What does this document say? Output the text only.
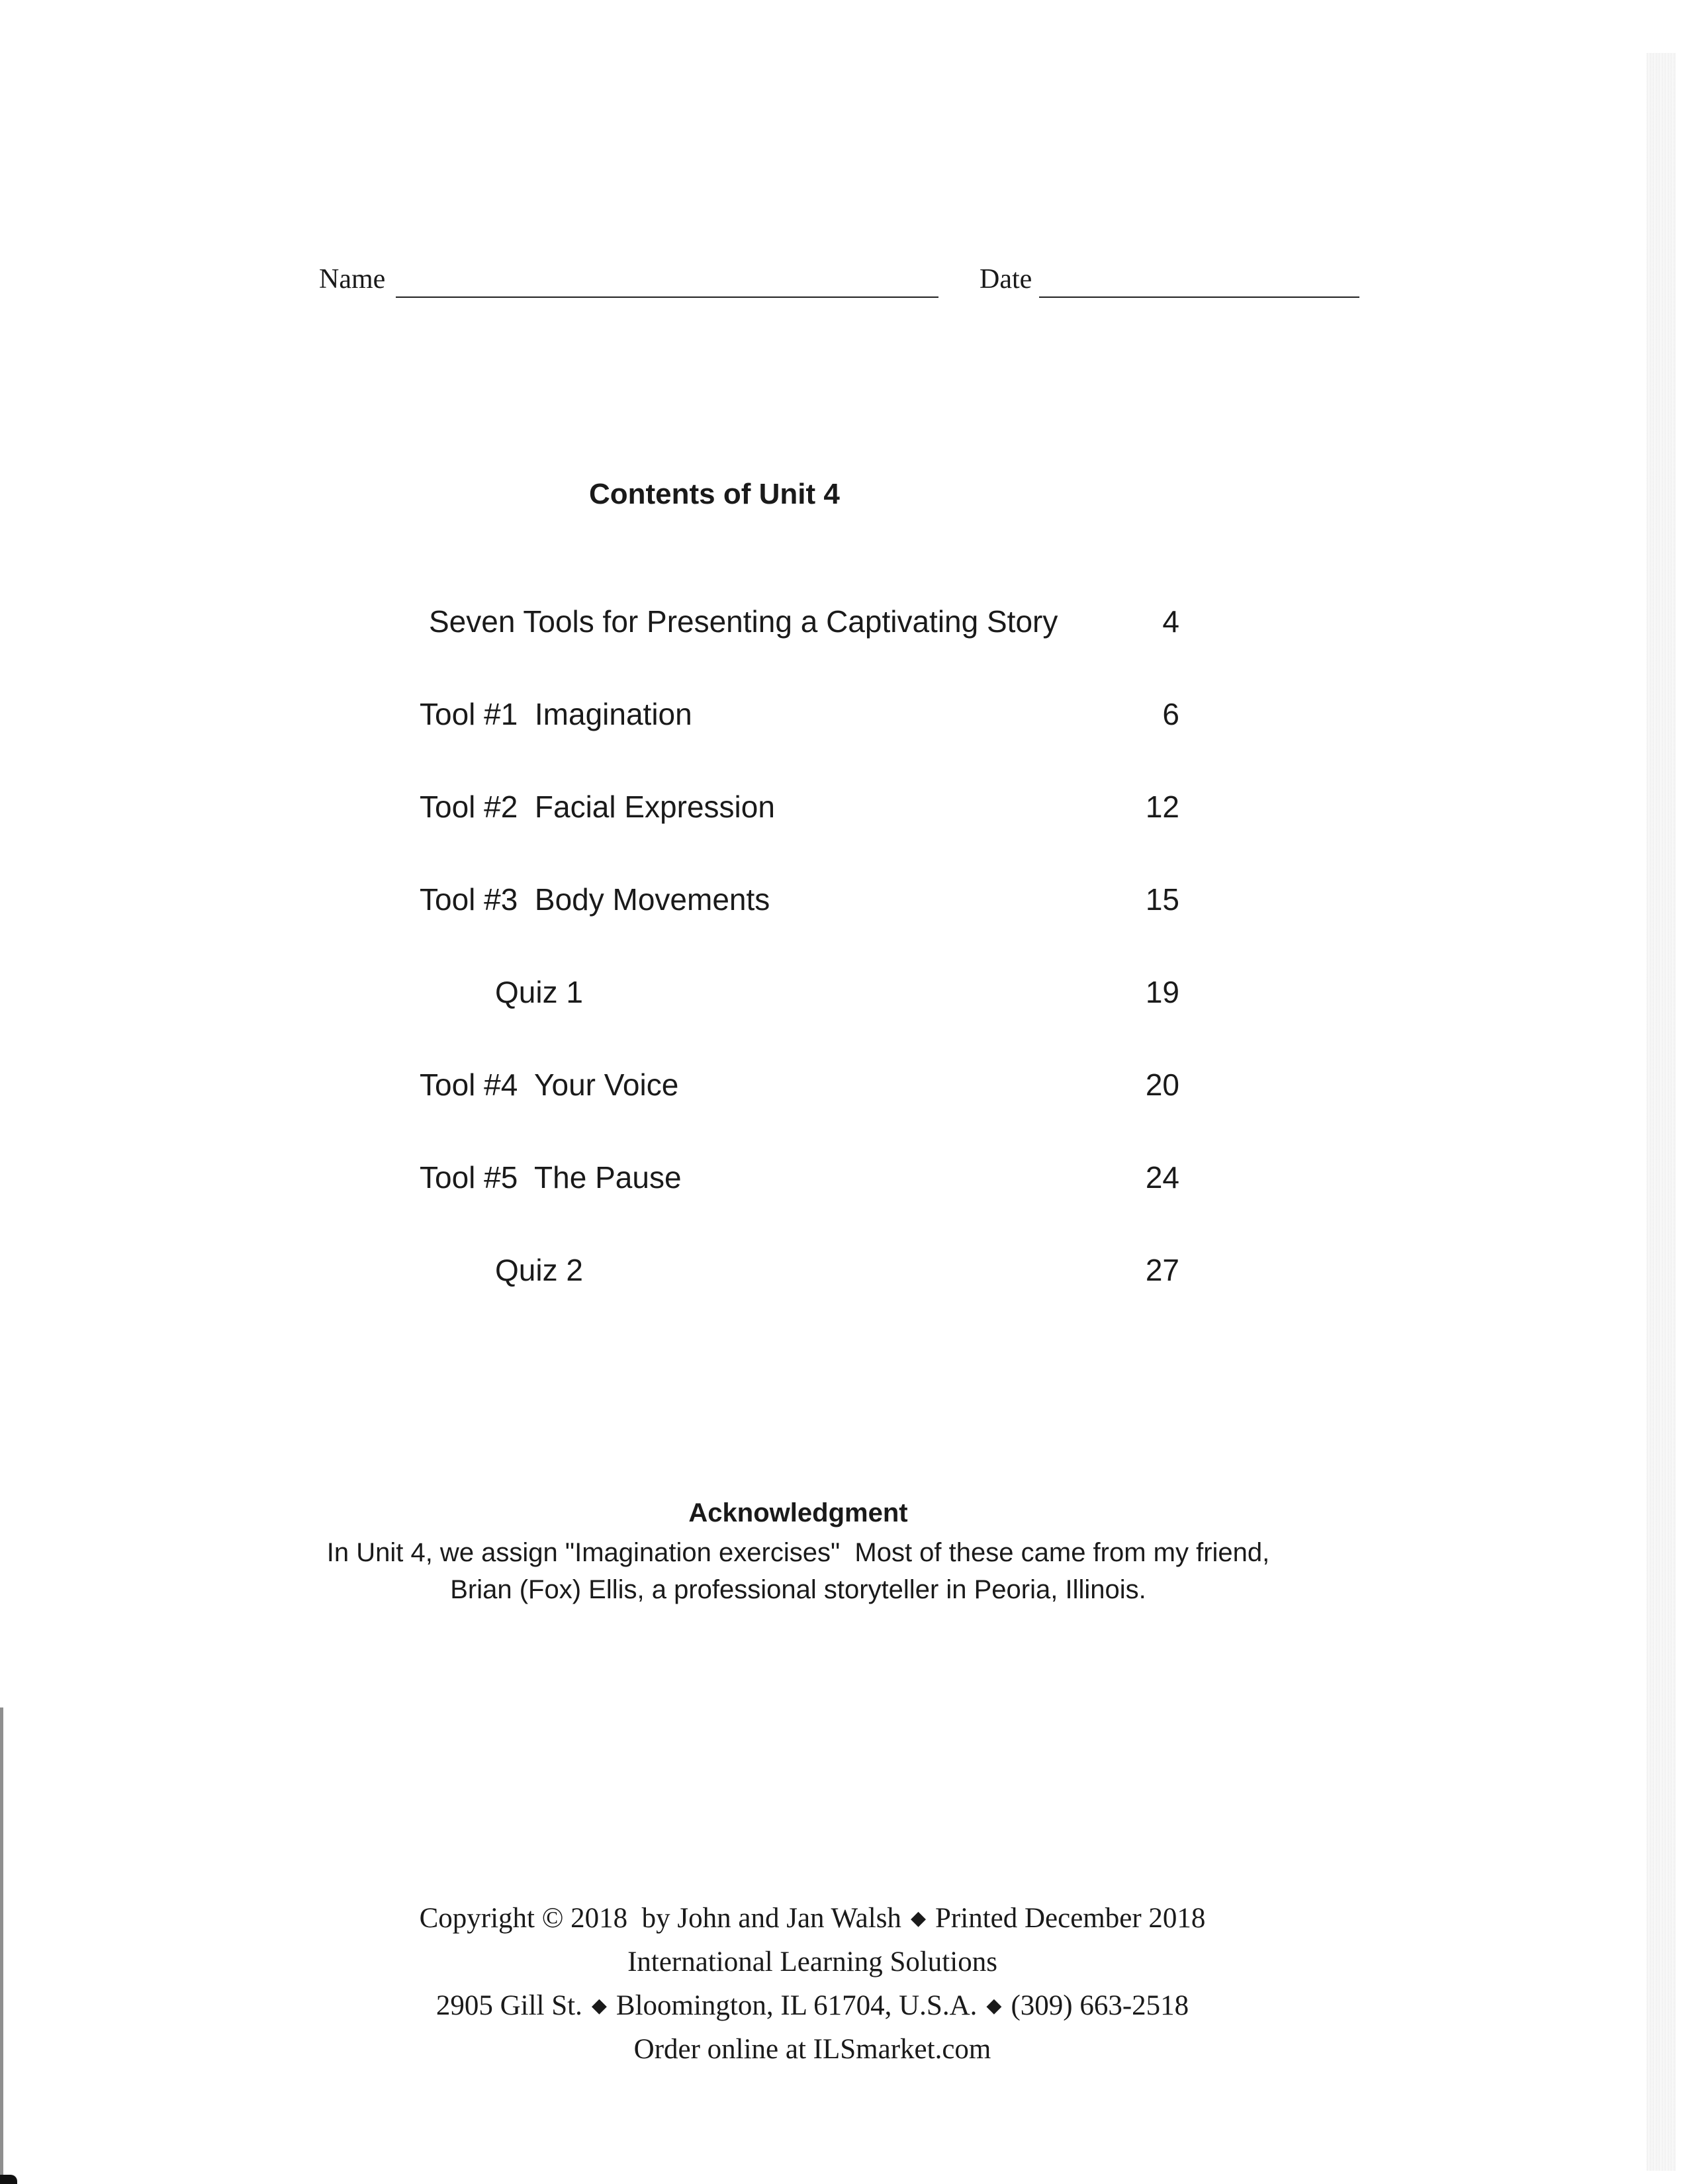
Name	Date
Contents of Unit 4
Seven Tools for Presenting a Captivating Story	4
Tool #1  Imagination	6
Tool #2  Facial Expression	12
Tool #3  Body Movements	15
Quiz 1	19
Tool #4  Your Voice	20
Tool #5  The Pause	24
Quiz 2	27
Acknowledgment
In Unit 4, we assign "Imagination exercises"  Most of these came from my friend,
Brian (Fox) Ellis, a professional storyteller in Peoria, Illinois.

Copyright © 2018  by John and Jan Walsh ◆ Printed December 2018

International Learning Solutions

2905 Gill St. ◆ Bloomington, IL 61704, U.S.A. ◆ (309) 663-2518

Order online at ILSmarket.com
